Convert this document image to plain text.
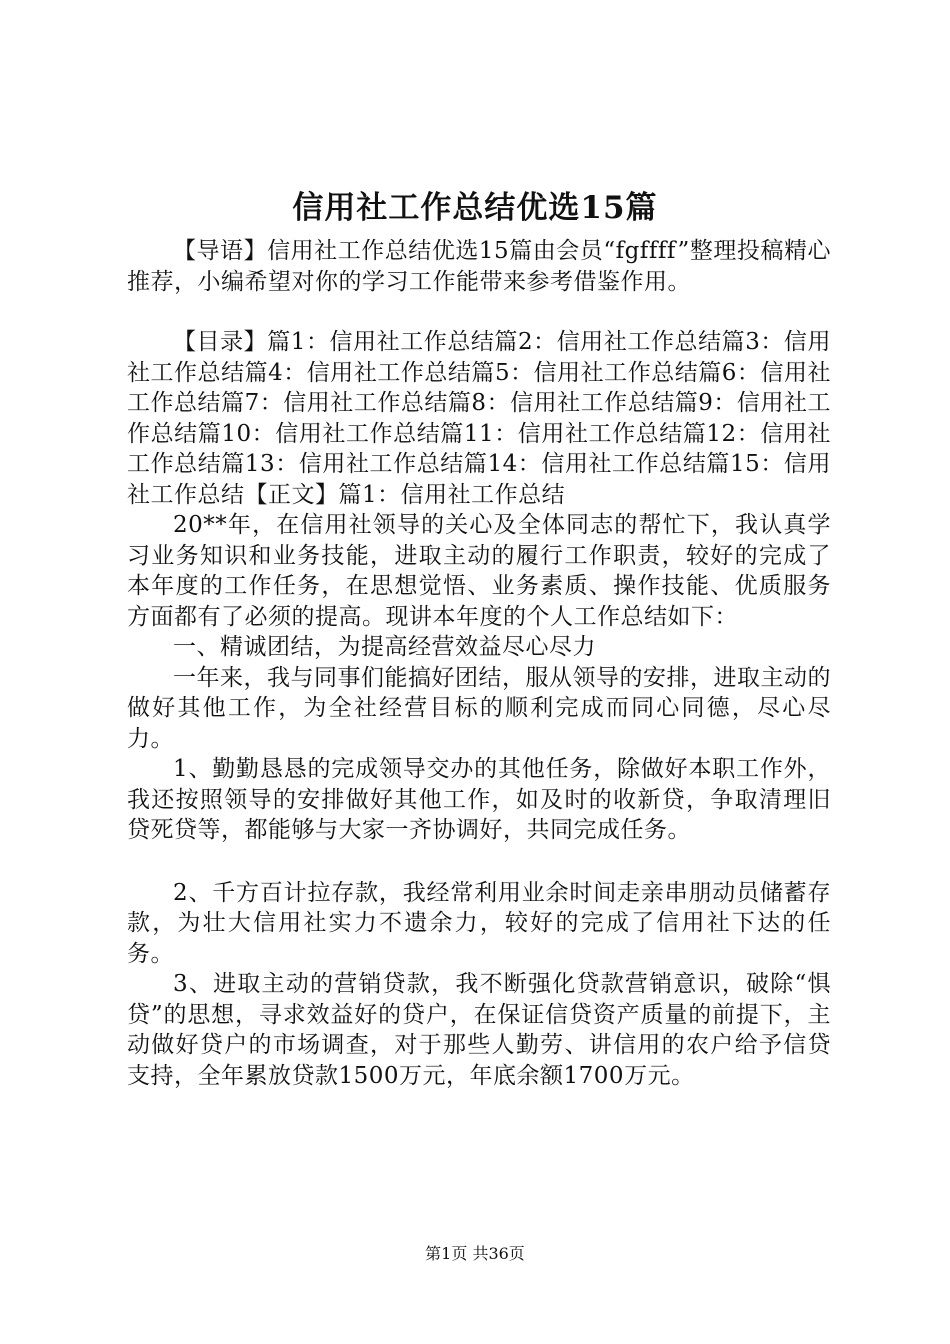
信用社工作总结优选15篇

【导语】信用社工作总结优选15篇由会员“fgffff”整理投稿精心推荐，小编希望对你的学习工作能带来参考借鉴作用。

【目录】篇1：信用社工作总结篇2：信用社工作总结篇3：信用社工作总结篇4：信用社工作总结篇5：信用社工作总结篇6：信用社工作总结篇7：信用社工作总结篇8：信用社工作总结篇9：信用社工作总结篇10：信用社工作总结篇11：信用社工作总结篇12：信用社工作总结篇13：信用社工作总结篇14：信用社工作总结篇15：信用社工作总结【正文】篇1：信用社工作总结

20**年，在信用社领导的关心及全体同志的帮忙下，我认真学习业务知识和业务技能，进取主动的履行工作职责，较好的完成了本年度的工作任务，在思想觉悟、业务素质、操作技能、优质服务方面都有了必须的提高。现讲本年度的个人工作总结如下：

一、精诚团结，为提高经营效益尽心尽力

一年来，我与同事们能搞好团结，服从领导的安排，进取主动的做好其他工作，为全社经营目标的顺利完成而同心同德，尽心尽力。

1、勤勤恳恳的完成领导交办的其他任务，除做好本职工作外，我还按照领导的安排做好其他工作，如及时的收新贷，争取清理旧贷死贷等，都能够与大家一齐协调好，共同完成任务。

2、千方百计拉存款，我经常利用业余时间走亲串朋动员储蓄存款，为壮大信用社实力不遗余力，较好的完成了信用社下达的任务。

3、进取主动的营销贷款，我不断强化贷款营销意识，破除“惧贷”的思想，寻求效益好的贷户，在保证信贷资产质量的前提下，主动做好贷户的市场调查，对于那些人勤劳、讲信用的农户给予信贷支持，全年累放贷款1500万元，年底余额1700万元。

第1页 共36页
